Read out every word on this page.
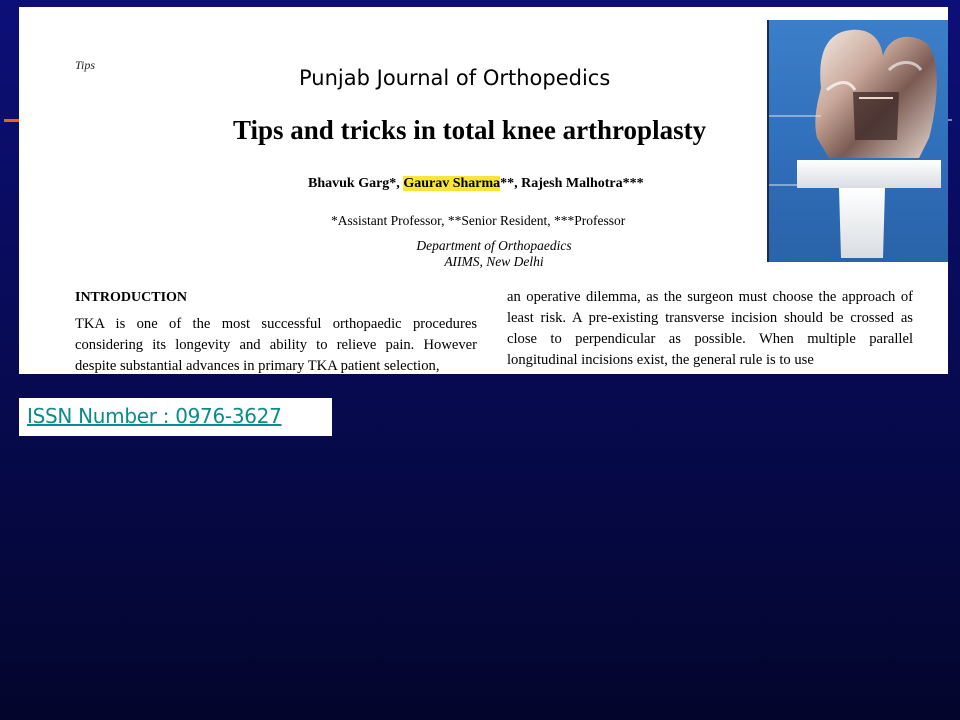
Tips
Punjab Journal of Orthopedics
Tips and tricks in total knee arthroplasty
Bhavuk Garg*, Gaurav Sharma**, Rajesh Malhotra***
*Assistant Professor, **Senior Resident, ***Professor
Department of Orthopaedics
AIIMS, New Delhi
INTRODUCTION
TKA is one of the most successful orthopaedic procedures considering its longevity and ability to relieve pain. However despite substantial advances in primary TKA patient selection,
an operative dilemma, as the surgeon must choose the approach of least risk. A pre-existing transverse incision should be crossed as close to perpendicular as possible. When multiple parallel longitudinal incisions exist, the general rule is to use
ISSN Number : 0976-3627
